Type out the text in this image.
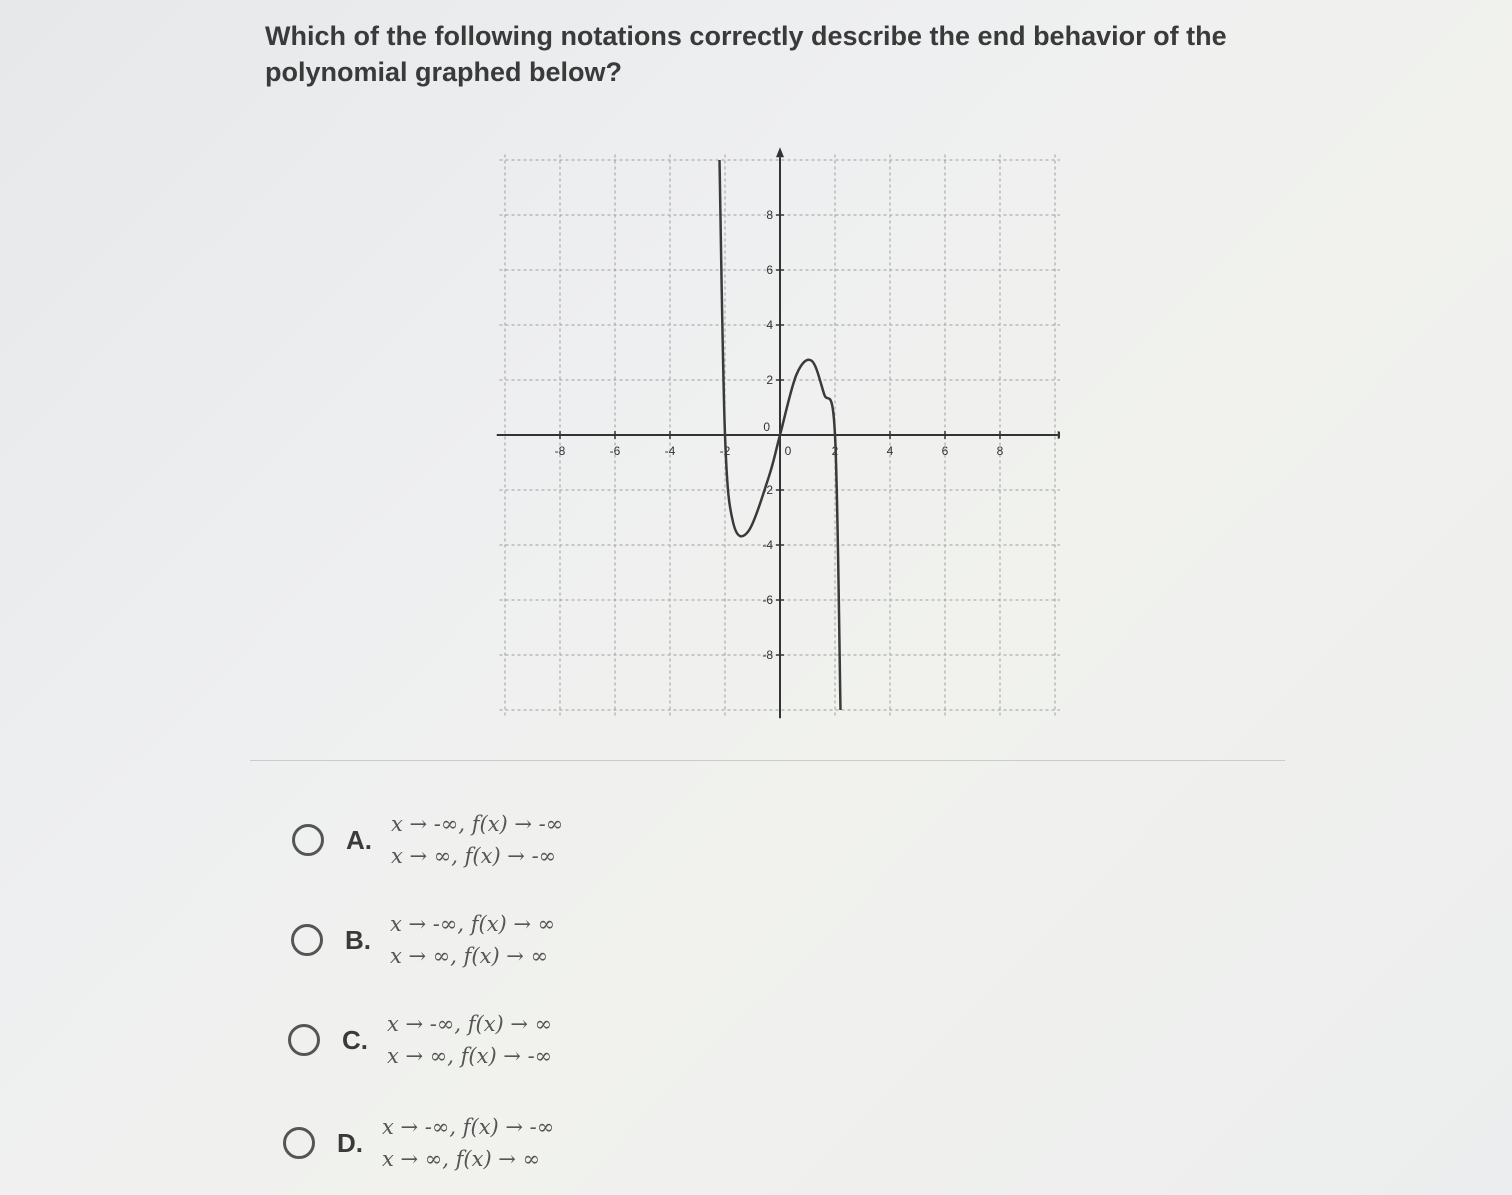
Which of the following notations correctly describe the end behavior of the polynomial graphed below?
-8	-6	-4	-2	0	2	4	6	8
8
6
4
2
0
-2
-4
-6
-8
A.
x → -∞, f(x) → -∞
x → ∞, f(x) → -∞
B.
x → -∞, f(x) → ∞
x → ∞, f(x) → ∞
C.
x → -∞, f(x) → ∞
x → ∞, f(x) → -∞
D.
x → -∞, f(x) → -∞
x → ∞, f(x) → ∞
